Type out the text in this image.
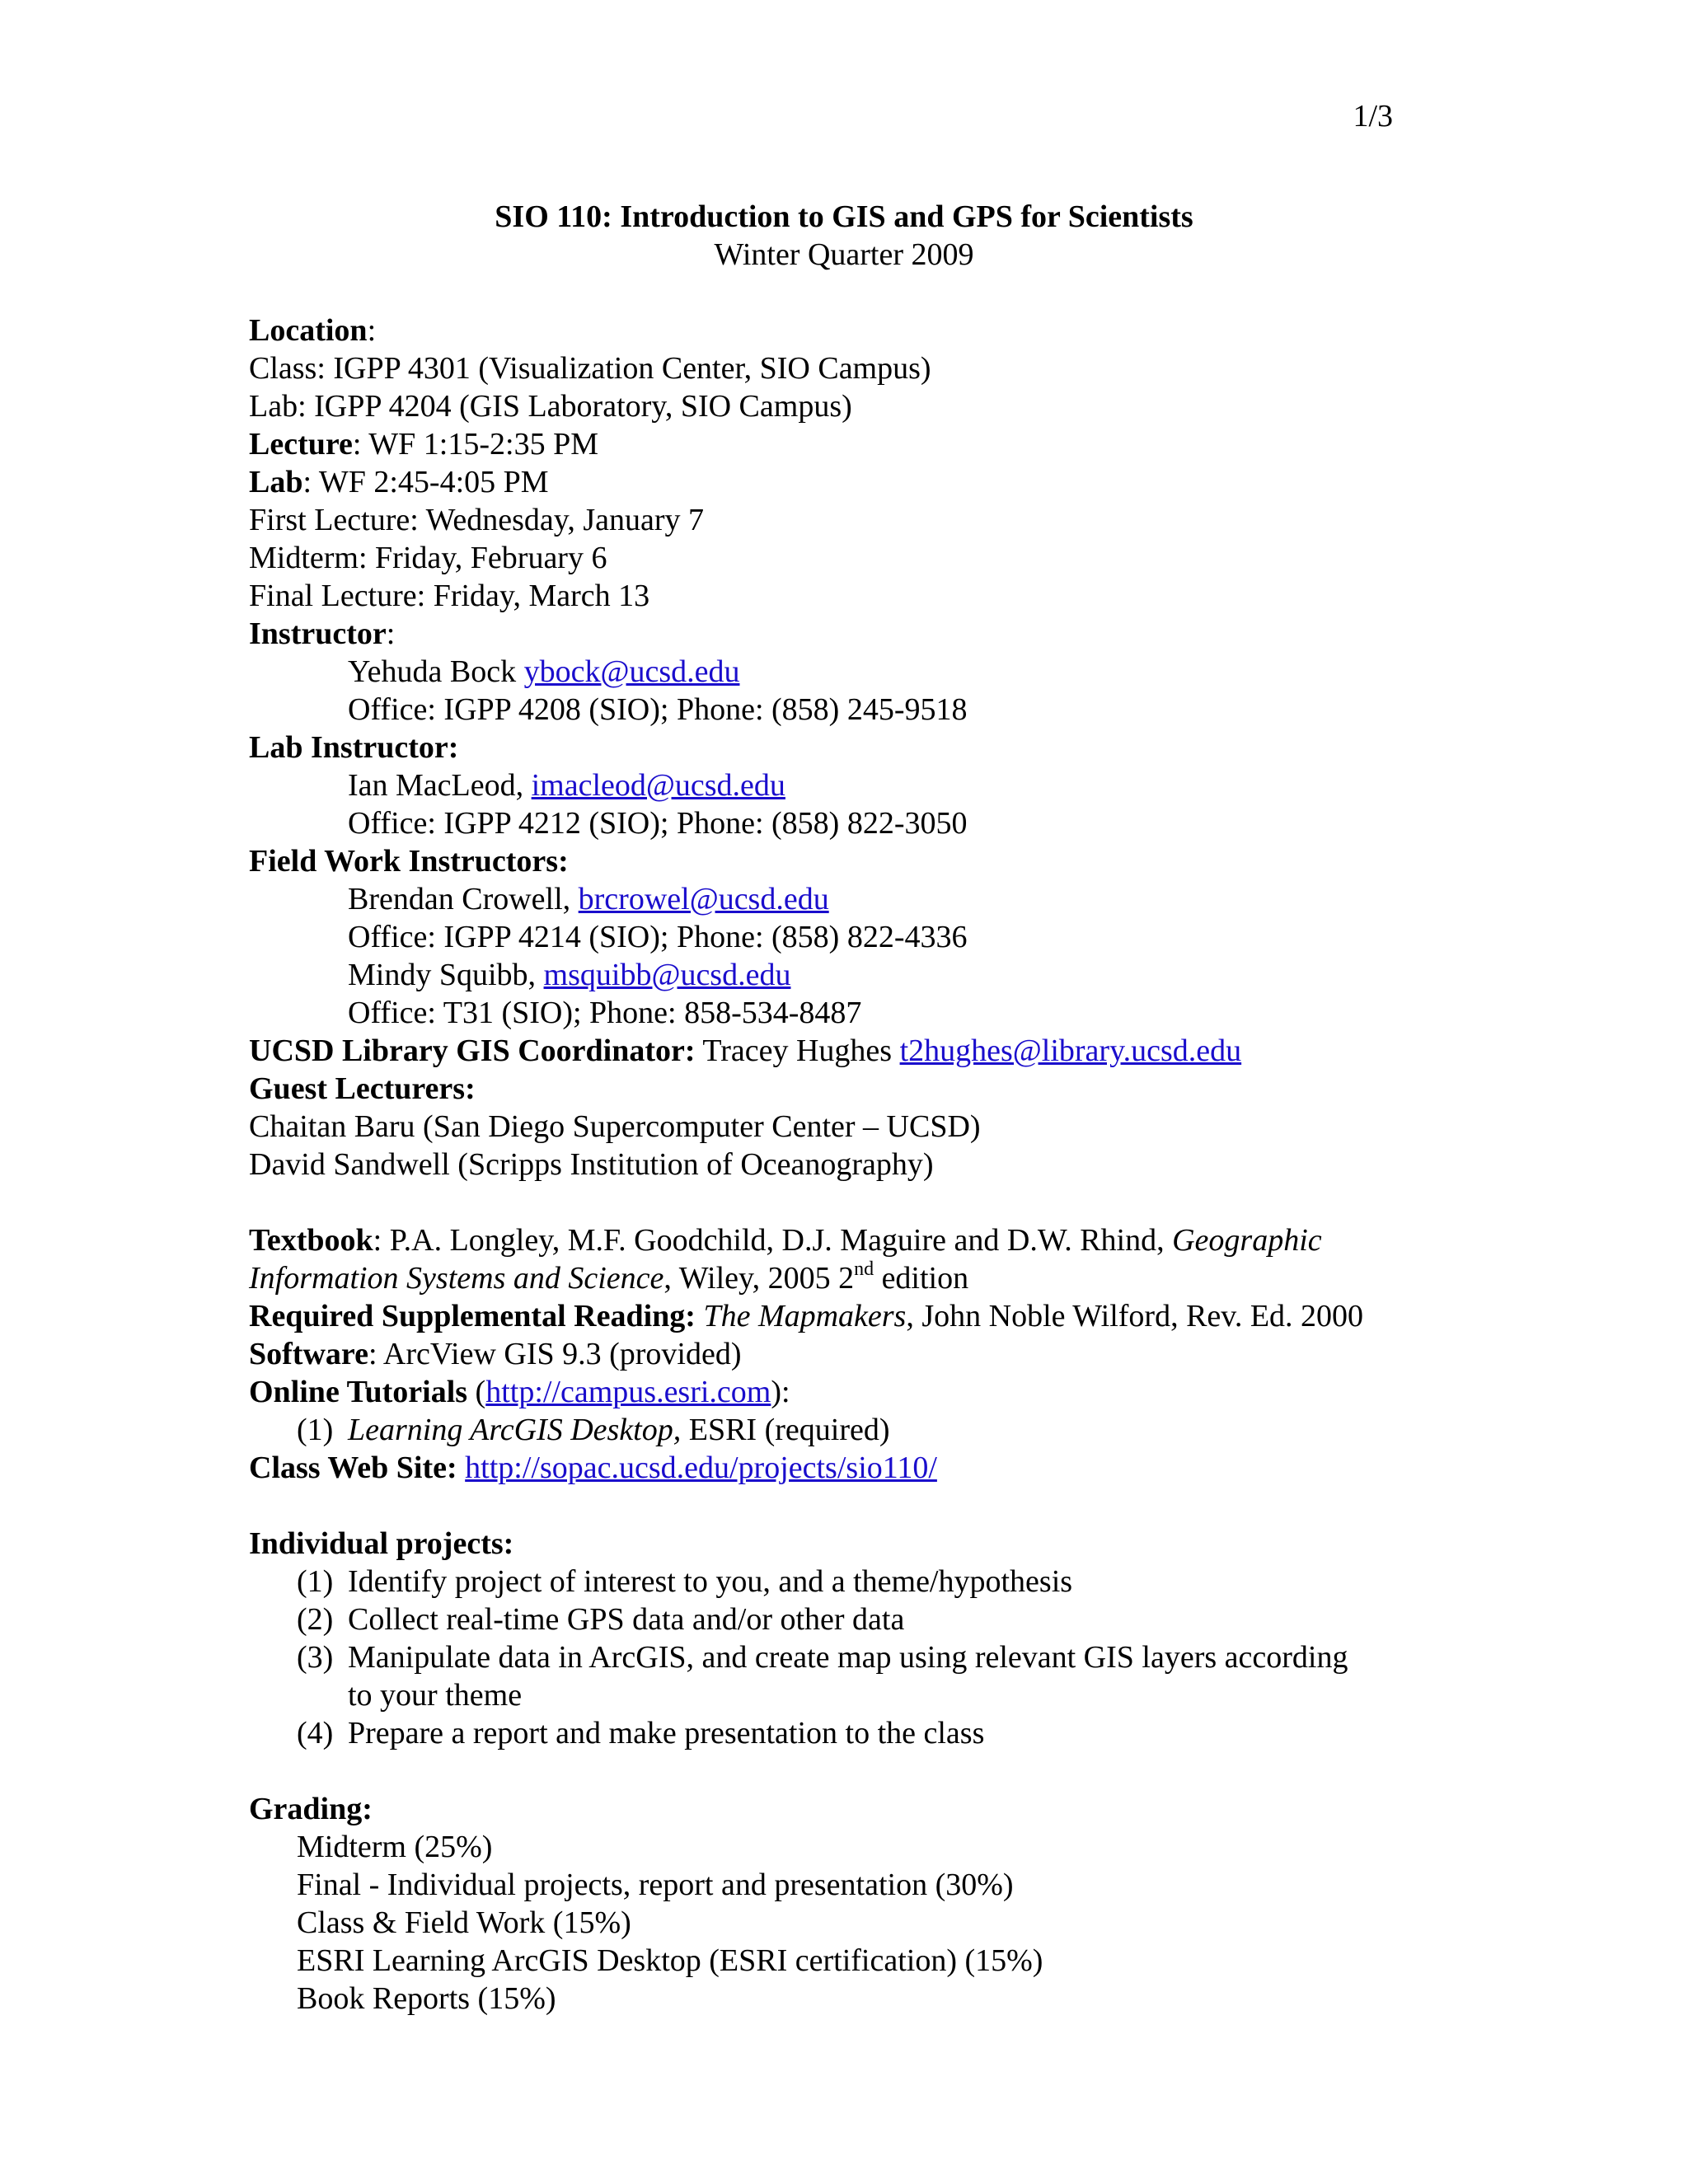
1/3
SIO 110: Introduction to GIS and GPS for Scientists
Winter Quarter 2009
Location:
Class: IGPP 4301 (Visualization Center, SIO Campus)
Lab: IGPP 4204 (GIS Laboratory, SIO Campus)
Lecture: WF 1:15-2:35 PM
Lab: WF 2:45-4:05 PM
First Lecture: Wednesday, January 7
Midterm: Friday, February 6
Final Lecture: Friday, March 13
Instructor:
Yehuda Bock ybock@ucsd.edu
Office: IGPP 4208 (SIO); Phone: (858) 245-9518
Lab Instructor:
Ian MacLeod, imacleod@ucsd.edu
Office: IGPP 4212 (SIO); Phone: (858) 822-3050
Field Work Instructors:
Brendan Crowell, brcrowel@ucsd.edu
Office: IGPP 4214 (SIO); Phone: (858) 822-4336
Mindy Squibb, msquibb@ucsd.edu
Office: T31 (SIO); Phone: 858-534-8487
UCSD Library GIS Coordinator: Tracey Hughes t2hughes@library.ucsd.edu
Guest Lecturers:
Chaitan Baru (San Diego Supercomputer Center – UCSD)
David Sandwell (Scripps Institution of Oceanography)
Textbook: P.A. Longley, M.F. Goodchild, D.J. Maguire and D.W. Rhind, Geographic
Information Systems and Science, Wiley, 2005 2nd edition
Required Supplemental Reading: The Mapmakers, John Noble Wilford, Rev. Ed. 2000
Software: ArcView GIS 9.3 (provided)
Online Tutorials (http://campus.esri.com):
(1) Learning ArcGIS Desktop, ESRI (required)
Class Web Site: http://sopac.ucsd.edu/projects/sio110/
Individual projects:
(1) Identify project of interest to you, and a theme/hypothesis
(2) Collect real-time GPS data and/or other data
(3) Manipulate data in ArcGIS, and create map using relevant GIS layers according
to your theme
(4) Prepare a report and make presentation to the class
Grading:
Midterm (25%)
Final - Individual projects, report and presentation (30%)
Class & Field Work (15%)
ESRI Learning ArcGIS Desktop (ESRI certification) (15%)
Book Reports (15%)
